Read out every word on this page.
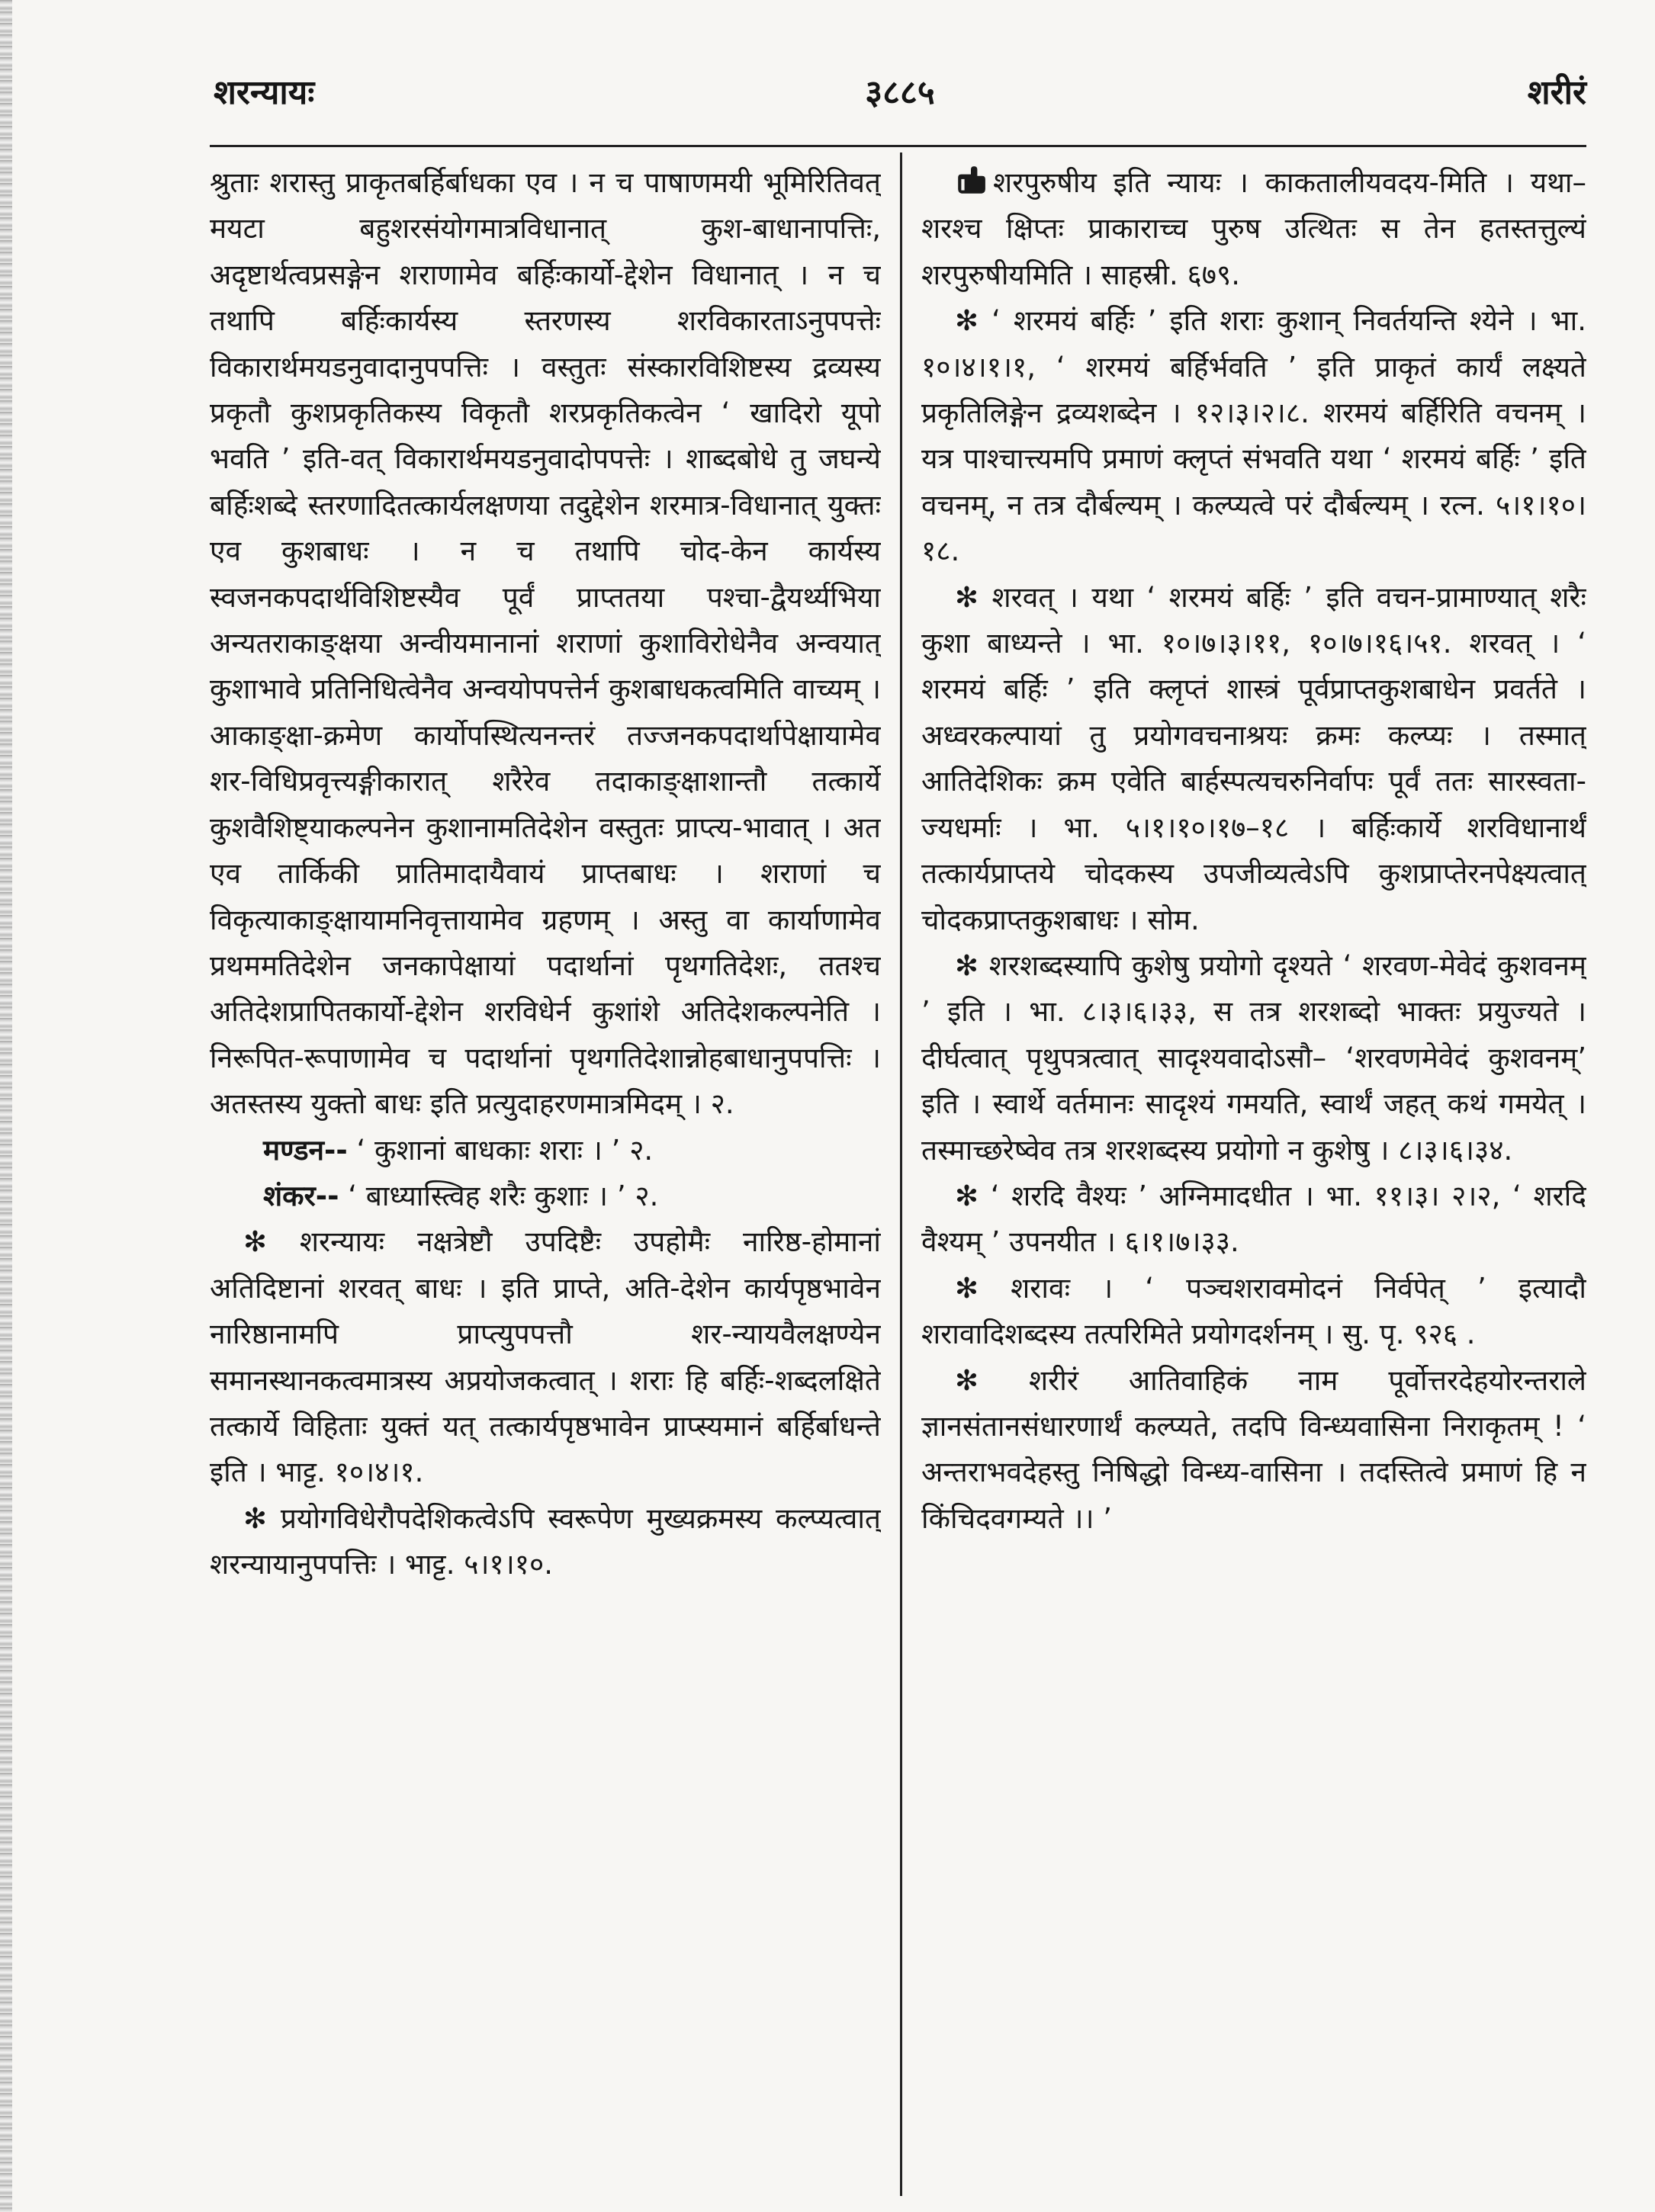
शरन्यायः	३८८५	शरीरं

श्रुताः शरास्तु प्राकृतबर्हिर्बाधका एव । न च पाषाणमयी भूमिरितिवत् मयटा बहुशरसंयोगमात्रविधानात् कुश-बाधानापत्तिः, अदृष्टार्थत्वप्रसङ्गेन शराणामेव बर्हिःकार्यो-द्देशेन विधानात् । न च तथापि बर्हिःकार्यस्य स्तरणस्य शरविकारताऽनुपपत्तेः विकारार्थमयडनुवादानुपपत्तिः । वस्तुतः संस्कारविशिष्टस्य द्रव्यस्य प्रकृतौ कुशप्रकृतिकस्य विकृतौ शरप्रकृतिकत्वेन ‘ खादिरो यूपो भवति ’ इति-वत् विकारार्थमयडनुवादोपपत्तेः । शाब्दबोधे तु जघन्ये बर्हिःशब्दे स्तरणादितत्कार्यलक्षणया तदुद्देशेन शरमात्र-विधानात् युक्तः एव कुशबाधः । न च तथापि चोद-केन कार्यस्य स्वजनकपदार्थविशिष्टस्यैव पूर्वं प्राप्ततया पश्चा-द्वैयर्थ्यभिया अन्यतराकाङ्क्षया अन्वीयमानानां शराणां कुशाविरोधेनैव अन्वयात् कुशाभावे प्रतिनिधित्वेनैव अन्वयोपपत्तेर्न कुशबाधकत्वमिति वाच्यम् । आकाङ्क्षा-क्रमेण कार्योपस्थित्यनन्तरं तज्जनकपदार्थापेक्षायामेव शर-विधिप्रवृत्त्यङ्गीकारात् शरैरेव तदाकाङ्क्षाशान्तौ तत्कार्ये कुशवैशिष्ट्याकल्पनेन कुशानामतिदेशेन वस्तुतः प्राप्त्य-भावात् । अत एव तार्किकी प्रातिमादायैवायं प्राप्तबाधः । शराणां च विकृत्याकाङ्क्षायामनिवृत्तायामेव ग्रहणम् । अस्तु वा कार्याणामेव प्रथममतिदेशेन जनकापेक्षायां पदार्थानां पृथगतिदेशः, ततश्च अतिदेशप्रापितकार्यो-द्देशेन शरविधेर्न कुशांशे अतिदेशकल्पनेति । निरूपित-रूपाणामेव च पदार्थानां पृथगतिदेशान्नोहबाधानुपपत्तिः । अतस्तस्य युक्तो बाधः इति प्रत्युदाहरणमात्रमिदम् । २.

मण्डन-- ‘ कुशानां बाधकाः शराः । ’ २.

शंकर-- ‘ बाध्यास्त्विह शरैः कुशाः । ’ २.

✻ शरन्यायः नक्षत्रेष्टौ उपदिष्टैः उपहोमैः नारिष्ठ-होमानां अतिदिष्टानां शरवत् बाधः । इति प्राप्ते, अति-देशेन कार्यपृष्ठभावेन नारिष्ठानामपि प्राप्त्युपपत्तौ शर-न्यायवैलक्षण्येन समानस्थानकत्वमात्रस्य अप्रयोजकत्वात् । शराः हि बर्हिः-शब्दलक्षिते तत्कार्ये विहिताः युक्तं यत् तत्कार्यपृष्ठभावेन प्राप्स्यमानं बर्हिर्बाधन्ते इति । भाट्ट. १०।४।१.

✻ प्रयोगविधेरौपदेशिकत्वेऽपि स्वरूपेण मुख्यक्रमस्य कल्प्यत्वात् शरन्यायानुपपत्तिः । भाट्ट. ५।१।१०.

शरपुरुषीय इति न्यायः । काकतालीयवदय-मिति । यथा– शरश्च क्षिप्तः प्राकाराच्च पुरुष उत्थितः स तेन हतस्तत्तुल्यं शरपुरुषीयमिति । साहस्री. ६७९.

✻ ‘ शरमयं बर्हिः ’ इति शराः कुशान् निवर्तयन्ति श्येने । भा. १०।४।१।१, ‘ शरमयं बर्हिर्भवति ’ इति प्राकृतं कार्यं लक्ष्यते प्रकृतिलिङ्गेन द्रव्यशब्देन । १२।३।२।८. शरमयं बर्हिरिति वचनम् । यत्र पाश्चात्त्यमपि प्रमाणं क्लृप्तं संभवति यथा ‘ शरमयं बर्हिः ’ इति वचनम्, न तत्र दौर्बल्यम् । कल्प्यत्वे परं दौर्बल्यम् । रत्न. ५।१।१०।१८.

✻ शरवत् । यथा ‘ शरमयं बर्हिः ’ इति वचन-प्रामाण्यात् शरैः कुशा बाध्यन्ते । भा. १०।७।३।११, १०।७।१६।५१. शरवत् । ‘ शरमयं बर्हिः ’ इति क्लृप्तं शास्त्रं पूर्वप्राप्तकुशबाधेन प्रवर्तते । अध्वरकल्पायां तु प्रयोगवचनाश्रयः क्रमः कल्प्यः । तस्मात् आतिदेशिकः क्रम एवेति बार्हस्पत्यचरुनिर्वापः पूर्वं ततः सारस्वता-ज्यधर्माः । भा. ५।१।१०।१७–१८ । बर्हिःकार्ये शरविधानार्थं तत्कार्यप्राप्तये चोदकस्य उपजीव्यत्वेऽपि कुशप्राप्तेरनपेक्ष्यत्वात् चोदकप्राप्तकुशबाधः । सोम.

✻ शरशब्दस्यापि कुशेषु प्रयोगो दृश्यते ‘ शरवण-मेवेदं कुशवनम् ’ इति । भा. ८।३।६।३३, स तत्र शरशब्दो भाक्तः प्रयुज्यते । दीर्घत्वात् पृथुपत्रत्वात् सादृश्यवादोऽसौ– ‘शरवणमेवेदं कुशवनम्’ इति । स्वार्थे वर्तमानः सादृश्यं गमयति, स्वार्थं जहत् कथं गमयेत् । तस्माच्छरेष्वेव तत्र शरशब्दस्य प्रयोगो न कुशेषु । ८।३।६।३४.

✻ ‘ शरदि वैश्यः ’ अग्निमादधीत । भा. ११।३। २।२, ‘ शरदि वैश्यम् ’ उपनयीत । ६।१।७।३३.

✻ शरावः । ‘ पञ्चशरावमोदनं निर्वपेत् ’ इत्यादौ शरावादिशब्दस्य तत्परिमिते प्रयोगदर्शनम् । सु. पृ. ९२६ .

✻ शरीरं आतिवाहिकं नाम पूर्वोत्तरदेहयोरन्तराले ज्ञानसंतानसंधारणार्थं कल्प्यते, तदपि विन्ध्यवासिना निराकृतम् ! ‘ अन्तराभवदेहस्तु निषिद्धो विन्ध्य-वासिना । तदस्तित्वे प्रमाणं हि न किंचिदवगम्यते ।। ’
